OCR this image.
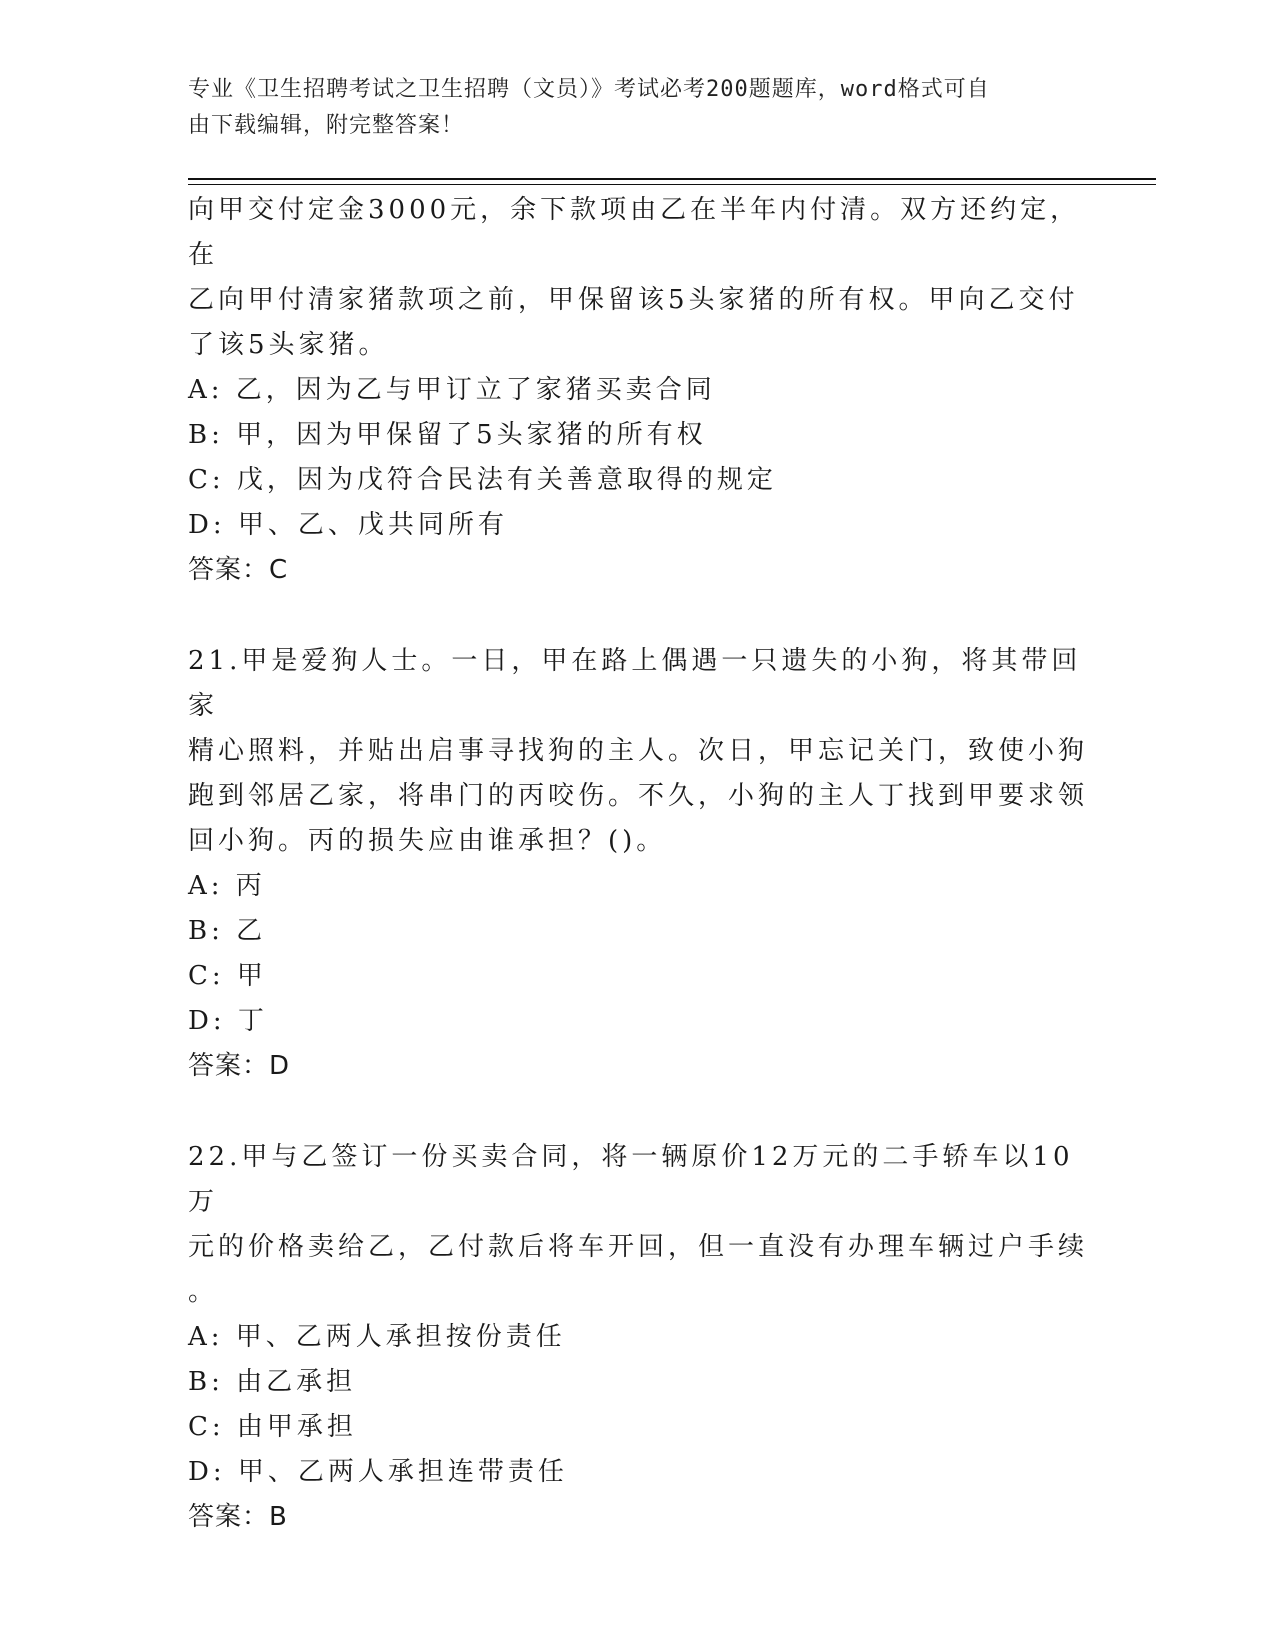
专业《卫生招聘考试之卫生招聘（文员）》考试必考200题题库，word格式可自
由下载编辑，附完整答案！

向甲交付定金3000元，余下款项由乙在半年内付清。双方还约定，在

乙向甲付清家猪款项之前，甲保留该5头家猪的所有权。甲向乙交付

了该5头家猪。

A: 乙，因为乙与甲订立了家猪买卖合同

B: 甲，因为甲保留了5头家猪的所有权

C: 戊，因为戊符合民法有关善意取得的规定

D: 甲、乙、戊共同所有

答案：C

21.甲是爱狗人士。一日，甲在路上偶遇一只遗失的小狗，将其带回家

精心照料，并贴出启事寻找狗的主人。次日，甲忘记关门，致使小狗

跑到邻居乙家，将串门的丙咬伤。不久，小狗的主人丁找到甲要求领

回小狗。丙的损失应由谁承担？()。

A: 丙

B: 乙

C: 甲

D: 丁

答案：D

22.甲与乙签订一份买卖合同，将一辆原价12万元的二手轿车以10万

元的价格卖给乙，乙付款后将车开回，但一直没有办理车辆过户手续

。

A: 甲、乙两人承担按份责任

B: 由乙承担

C: 由甲承担

D: 甲、乙两人承担连带责任

答案：B
